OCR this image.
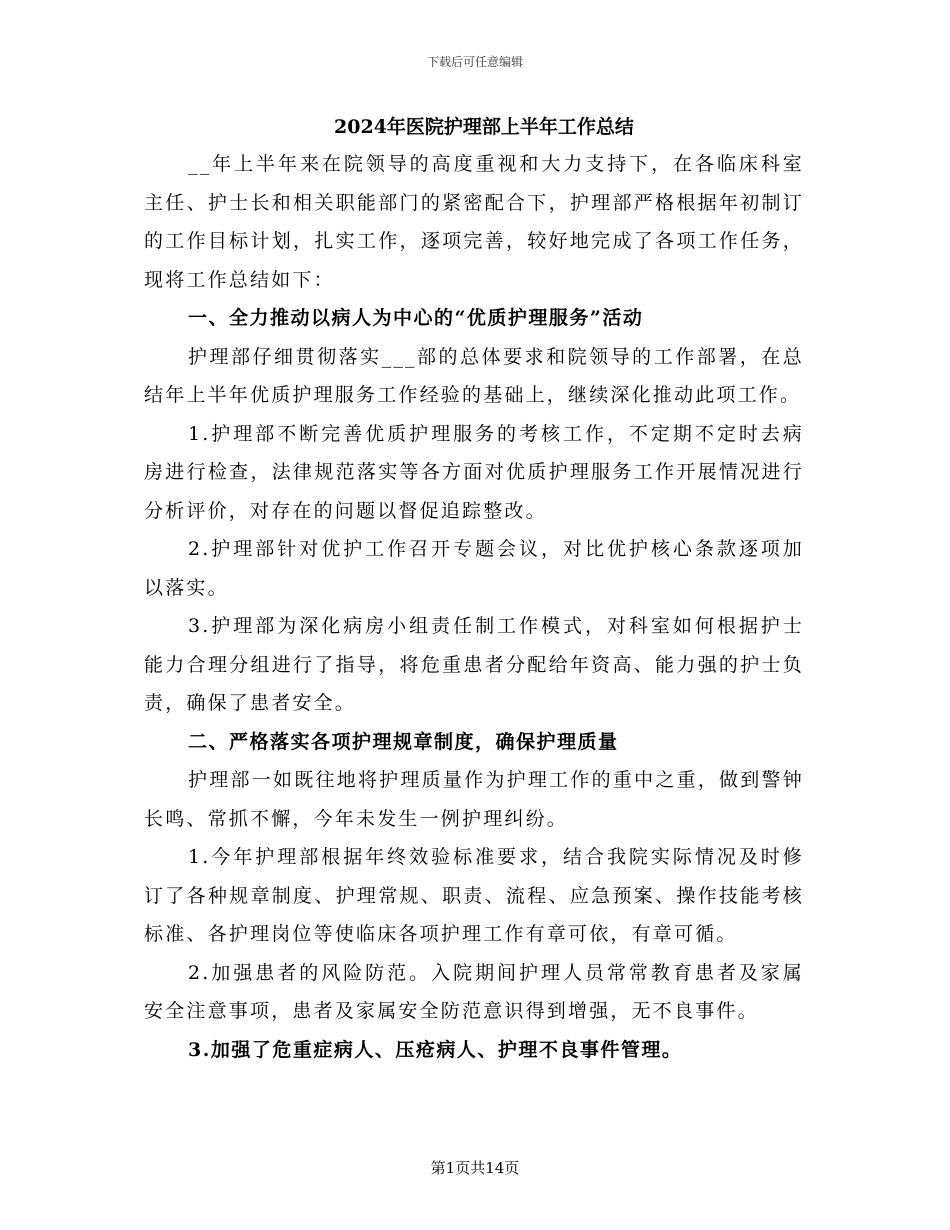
下载后可任意编辑
2024年医院护理部上半年工作总结

__年上半年来在院领导的高度重视和大力支持下，在各临床科室主任、护士长和相关职能部门的紧密配合下，护理部严格根据年初制订的工作目标计划，扎实工作，逐项完善，较好地完成了各项工作任务，现将工作总结如下：

一、全力推动以病人为中心的“优质护理服务”活动

护理部仔细贯彻落实___部的总体要求和院领导的工作部署，在总结年上半年优质护理服务工作经验的基础上，继续深化推动此项工作。

1.护理部不断完善优质护理服务的考核工作，不定期不定时去病房进行检查，法律规范落实等各方面对优质护理服务工作开展情况进行分析评价，对存在的问题以督促追踪整改。

2.护理部针对优护工作召开专题会议，对比优护核心条款逐项加以落实。

3.护理部为深化病房小组责任制工作模式，对科室如何根据护士能力合理分组进行了指导，将危重患者分配给年资高、能力强的护士负责，确保了患者安全。

二、严格落实各项护理规章制度，确保护理质量

护理部一如既往地将护理质量作为护理工作的重中之重，做到警钟长鸣、常抓不懈，今年未发生一例护理纠纷。

1.今年护理部根据年终效验标准要求，结合我院实际情况及时修订了各种规章制度、护理常规、职责、流程、应急预案、操作技能考核标准、各护理岗位等使临床各项护理工作有章可依，有章可循。

2.加强患者的风险防范。入院期间护理人员常常教育患者及家属安全注意事项，患者及家属安全防范意识得到增强，无不良事件。

3.加强了危重症病人、压疮病人、护理不良事件管理。

第1页共14页
